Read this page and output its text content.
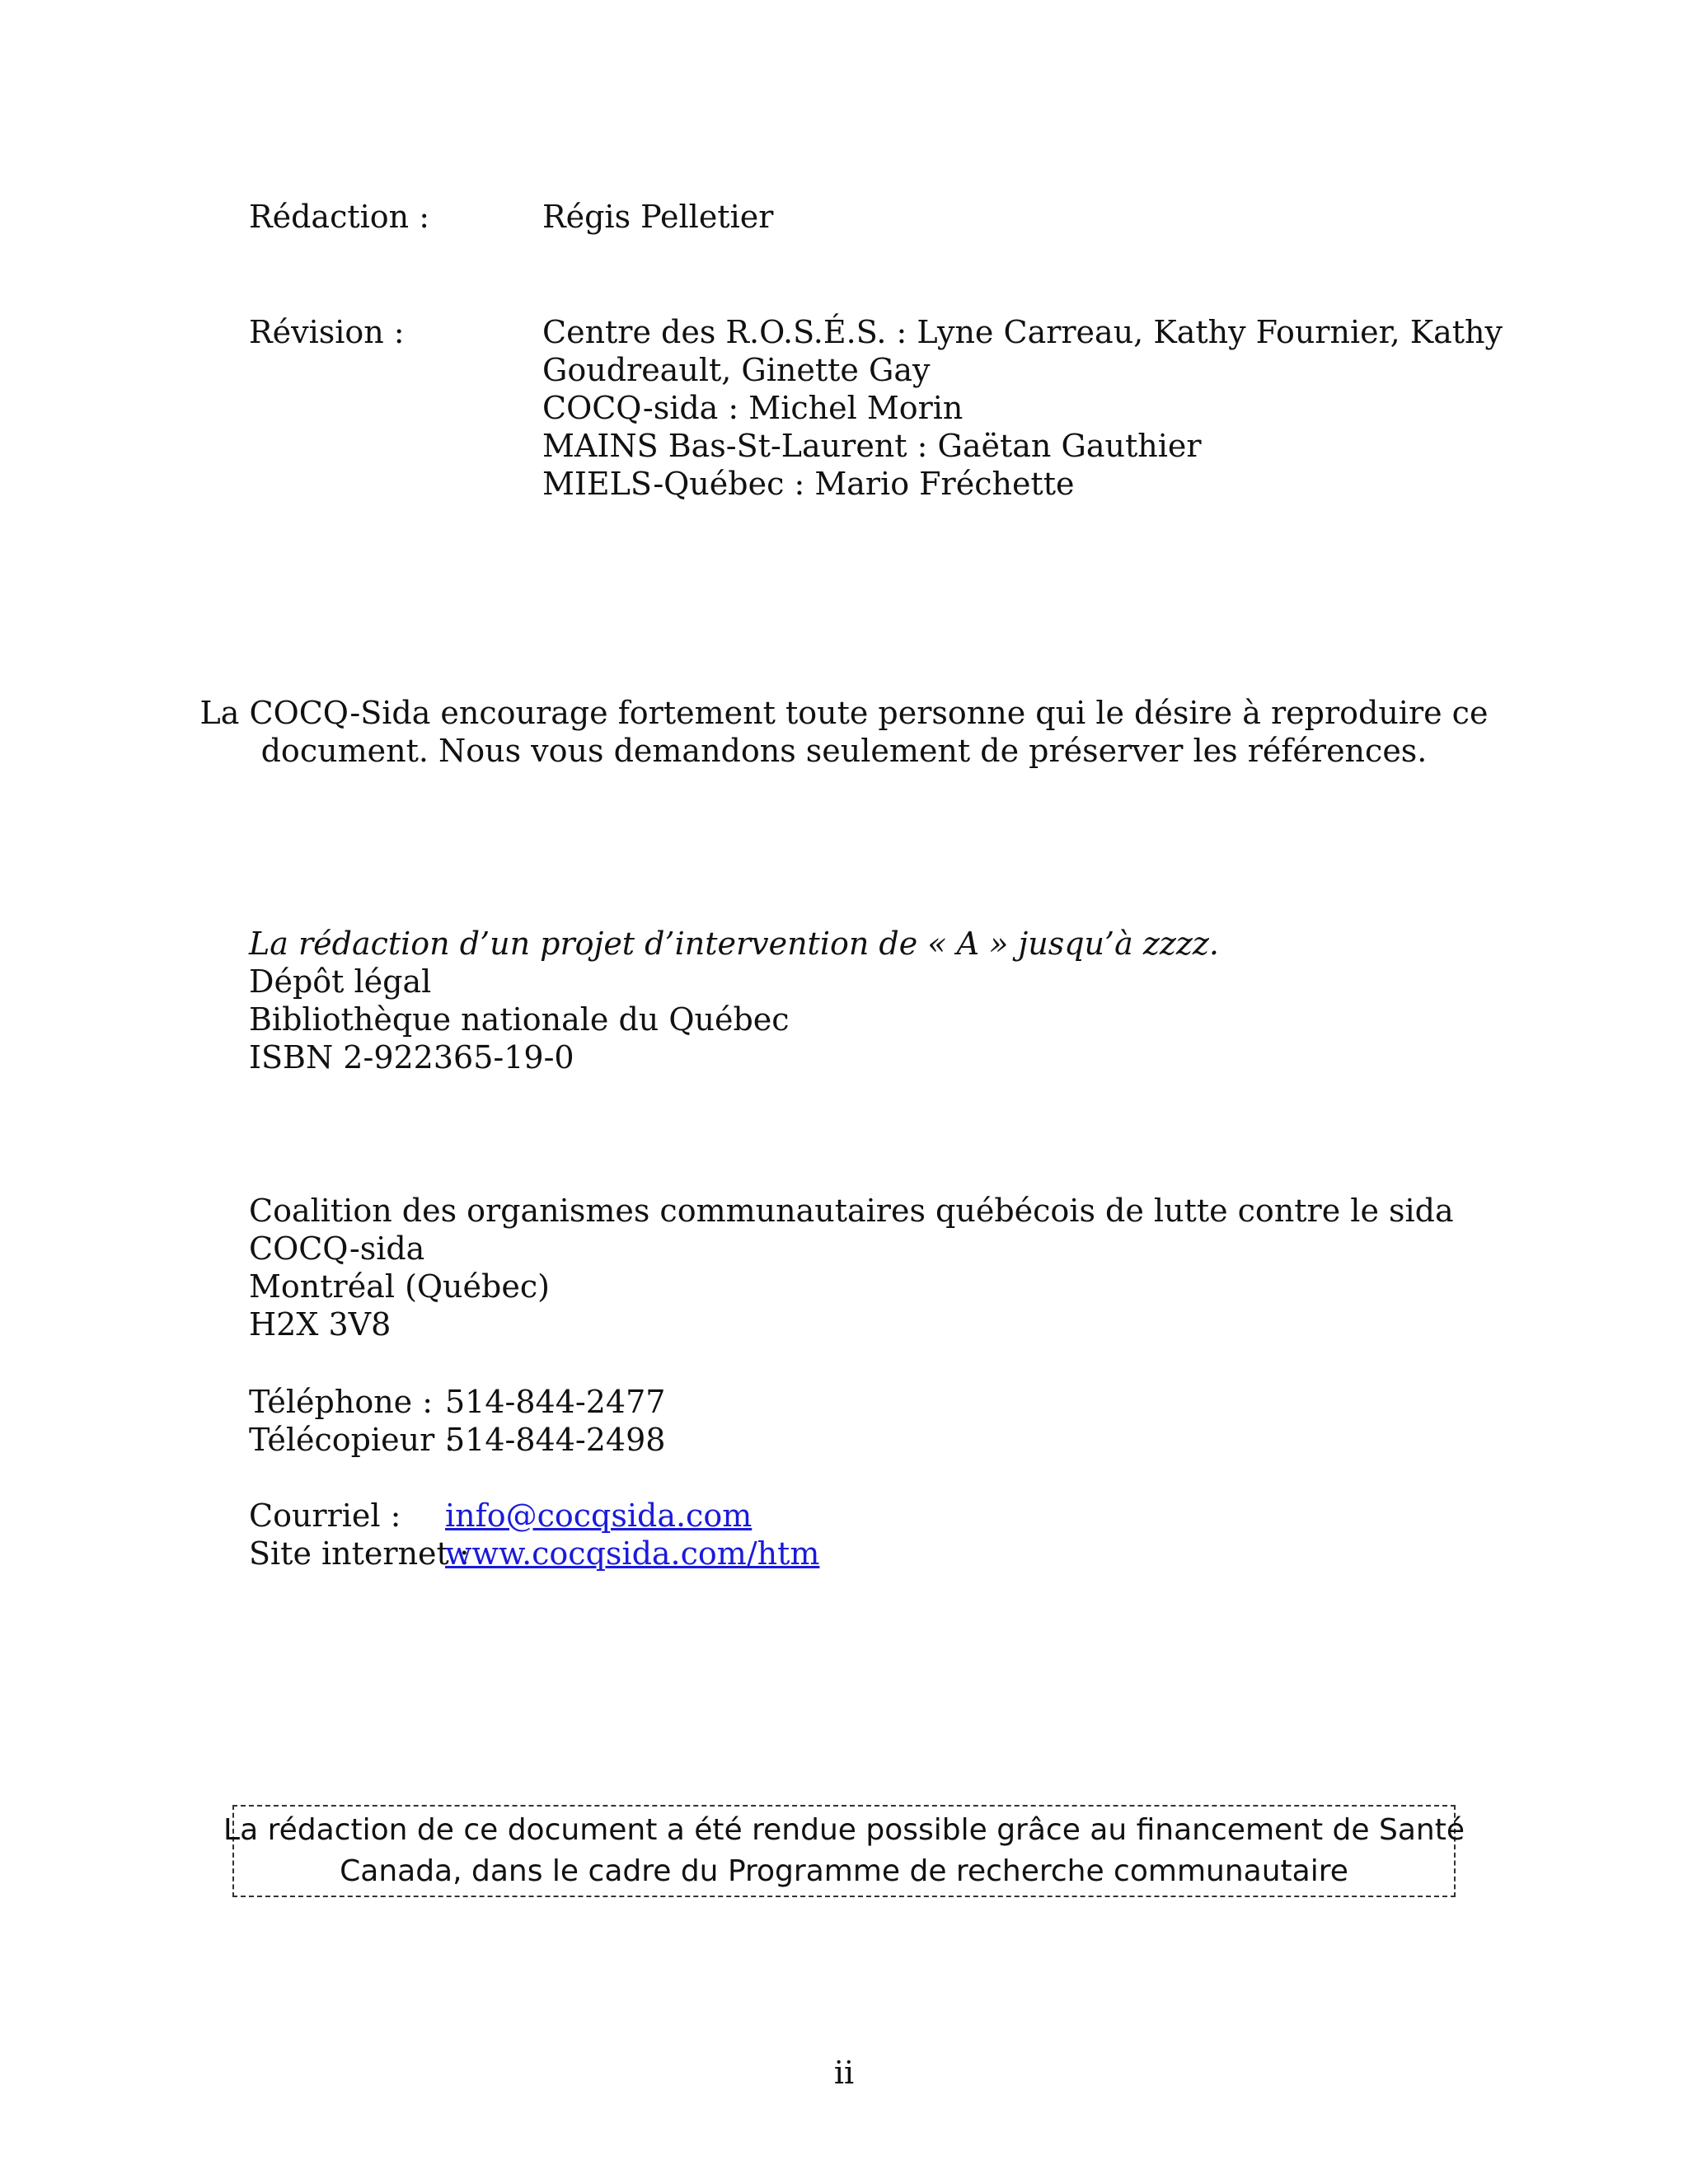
Rédaction :	Régis Pelletier
Révision :	Centre des R.O.S.É.S. : Lyne Carreau, Kathy Fournier, Kathy
Goudreault, Ginette Gay
COCQ-sida : Michel Morin
MAINS Bas-St-Laurent : Gaëtan Gauthier
MIELS-Québec : Mario Fréchette
La COCQ-Sida encourage fortement toute personne qui le désire à reproduire ce
document. Nous vous demandons seulement de préserver les références.
La rédaction d’un projet d’intervention de « A » jusqu’à zzzz.
Dépôt légal
Bibliothèque nationale du Québec
ISBN 2-922365-19-0
Coalition des organismes communautaires québécois de lutte contre le sida
COCQ-sida
Montréal (Québec)
H2X 3V8
Téléphone : 514-844-2477
Télécopieur :514-844-2498
Courriel : info@cocqsida.com
Site internet :www.cocqsida.com/htm
La rédaction de ce document a été rendue possible grâce au financement de Santé
Canada, dans le cadre du Programme de recherche communautaire
ii
